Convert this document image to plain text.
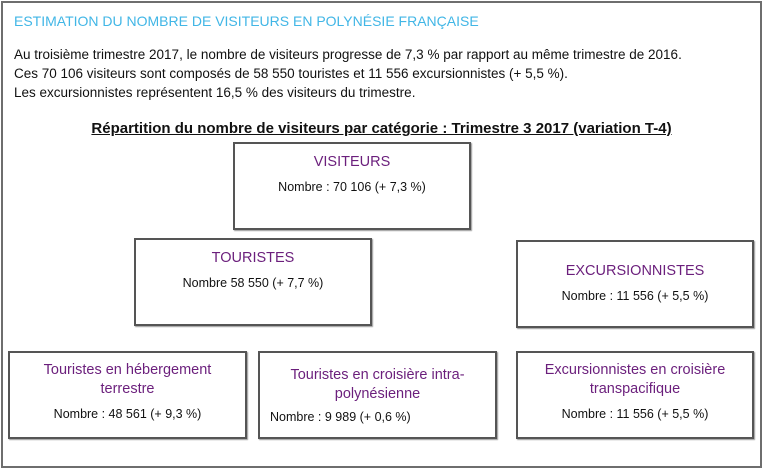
ESTIMATION DU NOMBRE DE VISITEURS EN POLYNÉSIE FRANÇAISE
Au troisième trimestre 2017, le nombre de visiteurs progresse de 7,3 % par rapport au même trimestre de 2016.
Ces 70 106 visiteurs sont composés de 58 550 touristes et 11 556 excursionnistes (+ 5,5 %).
Les excursionnistes représentent 16,5 % des visiteurs du trimestre.
Répartition du nombre de visiteurs par catégorie : Trimestre 3 2017 (variation T-4)
VISITEURS
Nombre : 70 106 (+ 7,3 %)
TOURISTES
Nombre 58 550 (+ 7,7 %)
EXCURSIONNISTES
Nombre : 11 556 (+ 5,5 %)
Touristes en hébergement terrestre
Nombre : 48 561 (+ 9,3 %)
Touristes en croisière intra-polynésienne
Nombre : 9 989 (+ 0,6 %)
Excursionnistes en croisière transpacifique
Nombre : 11 556 (+ 5,5 %)
